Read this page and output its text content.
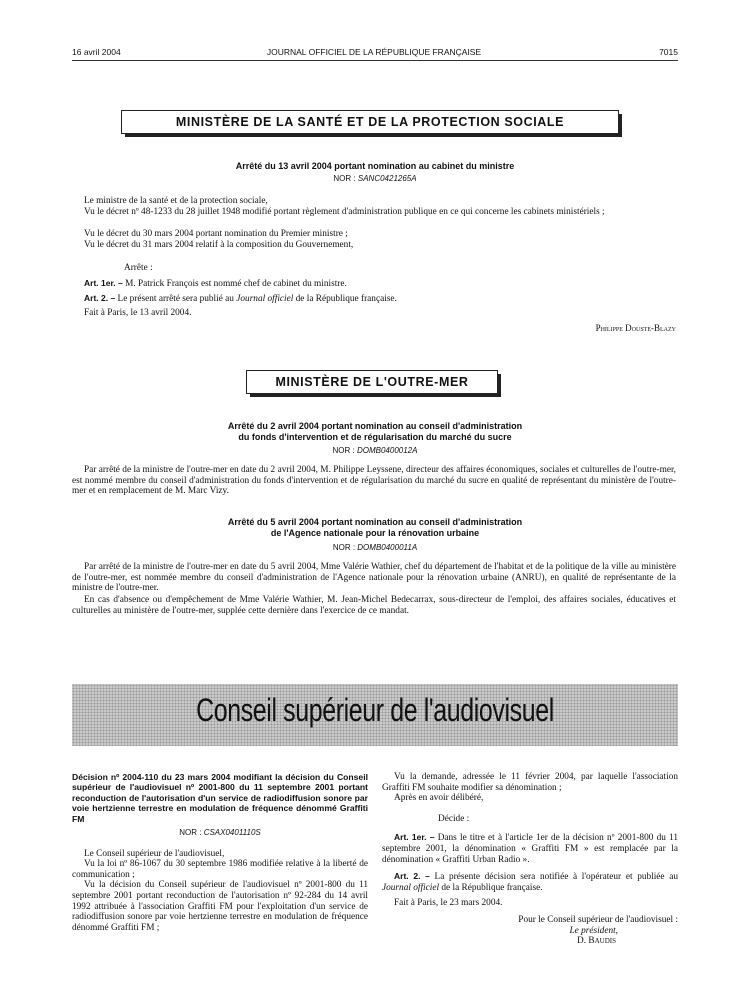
16 avril 2004	JOURNAL OFFICIEL DE LA RÉPUBLIQUE FRANÇAISE	7015
MINISTÈRE DE LA SANTÉ ET DE LA PROTECTION SOCIALE
Arrêté du 13 avril 2004 portant nomination au cabinet du ministre
NOR : SANC0421265A
Le ministre de la santé et de la protection sociale,
Vu le décret nº 48-1233 du 28 juillet 1948 modifié portant règlement d'administration publique en ce qui concerne les cabinets ministériels ;
Vu le décret du 30 mars 2004 portant nomination du Premier ministre ;
Vu le décret du 31 mars 2004 relatif à la composition du Gouvernement,
Arrête :
Art. 1er. – M. Patrick François est nommé chef de cabinet du ministre.
Art. 2. – Le présent arrêté sera publié au Journal officiel de la République française.
Fait à Paris, le 13 avril 2004.
Philippe Douste-Blazy
MINISTÈRE DE L'OUTRE-MER
Arrêté du 2 avril 2004 portant nomination au conseil d'administration
du fonds d'intervention et de régularisation du marché du sucre
NOR : DOMB0400012A
Par arrêté de la ministre de l'outre-mer en date du 2 avril 2004, M. Philippe Leyssene, directeur des affaires économiques, sociales et culturelles de l'outre-mer, est nommé membre du conseil d'administration du fonds d'intervention et de régularisation du marché du sucre en qualité de représentant du ministère de l'outre-mer et en remplacement de M. Marc Vizy.
Arrêté du 5 avril 2004 portant nomination au conseil d'administration
de l'Agence nationale pour la rénovation urbaine
NOR : DOMB0400011A
Par arrêté de la ministre de l'outre-mer en date du 5 avril 2004, Mme Valérie Wathier, chef du département de l'habitat et de la politique de la ville au ministère de l'outre-mer, est nommée membre du conseil d'administration de l'Agence nationale pour la rénovation urbaine (ANRU), en qualité de représentante de la ministre de l'outre-mer.
En cas d'absence ou d'empêchement de Mme Valérie Wathier, M. Jean-Michel Bedecarrax, sous-directeur de l'emploi, des affaires sociales, éducatives et culturelles au ministère de l'outre-mer, supplée cette dernière dans l'exercice de ce mandat.
Conseil supérieur de l'audiovisuel

Décision nº 2004-110 du 23 mars 2004 modifiant la décision du Conseil supérieur de l'audiovisuel nº 2001-800 du 11 septembre 2001 portant reconduction de l'autorisation d'un service de radiodiffusion sonore par voie hertzienne terrestre en modulation de fréquence dénommé Graffiti FM

NOR : CSAX0401110S

Le Conseil supérieur de l'audiovisuel,

Vu la loi nº 86-1067 du 30 septembre 1986 modifiée relative à la liberté de communication ;

Vu la décision du Conseil supérieur de l'audiovisuel nº 2001-800 du 11 septembre 2001 portant reconduction de l'autorisation nº 92-284 du 14 avril 1992 attribuée à l'association Graffiti FM pour l'exploitation d'un service de radiodiffusion sonore par voie hertzienne terrestre en modulation de fréquence dénommé Graffiti FM ;

Vu la demande, adressée le 11 février 2004, par laquelle l'association Graffiti FM souhaite modifier sa dénomination ;

Après en avoir délibéré,

Décide :

Art. 1er. – Dans le titre et à l'article 1er de la décision nº 2001-800 du 11 septembre 2001, la dénomination « Graffiti FM » est remplacée par la dénomination « Graffiti Urban Radio ».

Art. 2. – La présente décision sera notifiée à l'opérateur et publiée au Journal officiel de la République française.

Fait à Paris, le 23 mars 2004.

Pour le Conseil supérieur de l'audiovisuel :

Le président,

D. Baudis
